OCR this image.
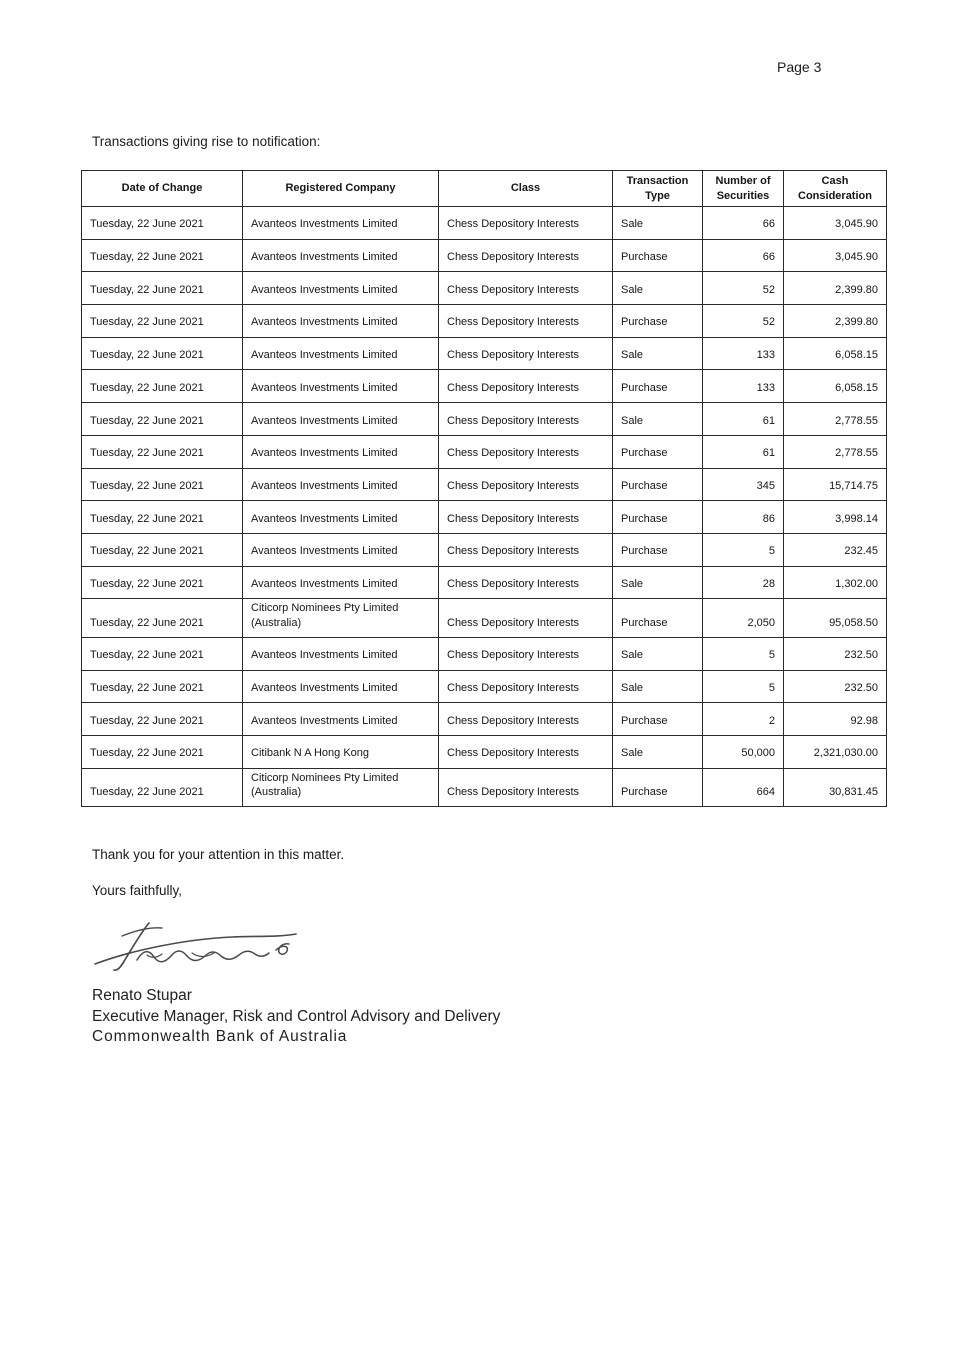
Page 3
Transactions giving rise to notification:
Date of Change	Registered Company	Class	Transaction Type	Number of Securities	Cash Consideration
Tuesday, 22 June 2021	Avanteos Investments Limited	Chess Depository Interests	Sale	66	3,045.90
Tuesday, 22 June 2021	Avanteos Investments Limited	Chess Depository Interests	Purchase	66	3,045.90
Tuesday, 22 June 2021	Avanteos Investments Limited	Chess Depository Interests	Sale	52	2,399.80
Tuesday, 22 June 2021	Avanteos Investments Limited	Chess Depository Interests	Purchase	52	2,399.80
Tuesday, 22 June 2021	Avanteos Investments Limited	Chess Depository Interests	Sale	133	6,058.15
Tuesday, 22 June 2021	Avanteos Investments Limited	Chess Depository Interests	Purchase	133	6,058.15
Tuesday, 22 June 2021	Avanteos Investments Limited	Chess Depository Interests	Sale	61	2,778.55
Tuesday, 22 June 2021	Avanteos Investments Limited	Chess Depository Interests	Purchase	61	2,778.55
Tuesday, 22 June 2021	Avanteos Investments Limited	Chess Depository Interests	Purchase	345	15,714.75
Tuesday, 22 June 2021	Avanteos Investments Limited	Chess Depository Interests	Purchase	86	3,998.14
Tuesday, 22 June 2021	Avanteos Investments Limited	Chess Depository Interests	Purchase	5	232.45
Tuesday, 22 June 2021	Avanteos Investments Limited	Chess Depository Interests	Sale	28	1,302.00
Tuesday, 22 June 2021	Citicorp Nominees Pty Limited (Australia)	Chess Depository Interests	Purchase	2,050	95,058.50
Tuesday, 22 June 2021	Avanteos Investments Limited	Chess Depository Interests	Sale	5	232.50
Tuesday, 22 June 2021	Avanteos Investments Limited	Chess Depository Interests	Sale	5	232.50
Tuesday, 22 June 2021	Avanteos Investments Limited	Chess Depository Interests	Purchase	2	92.98
Tuesday, 22 June 2021	Citibank N A Hong Kong	Chess Depository Interests	Sale	50,000	2,321,030.00
Tuesday, 22 June 2021	Citicorp Nominees Pty Limited (Australia)	Chess Depository Interests	Purchase	664	30,831.45

Thank you for your attention in this matter.

Yours faithfully,

Renato Stupar
Executive Manager, Risk and Control Advisory and Delivery
Commonwealth Bank of Australia
